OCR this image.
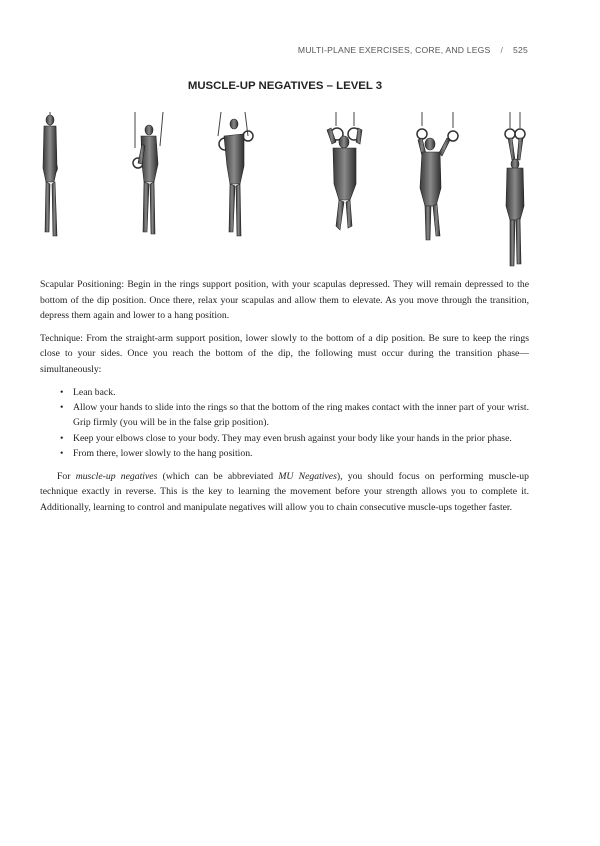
MULTI-PLANE EXERCISES, CORE, AND LEGS / 525
MUSCLE-UP NEGATIVES – LEVEL 3

Scapular Positioning: Begin in the rings support position, with your scapulas depressed. They will remain depressed to the bottom of the dip position. Once there, relax your scapulas and allow them to elevate. As you move through the transition, depress them again and lower to a hang position.

Technique: From the straight-arm support position, lower slowly to the bottom of a dip position. Be sure to keep the rings close to your sides. Once you reach the bottom of the dip, the following must occur during the transition phase—simultaneously:

• Lean back.
• Allow your hands to slide into the rings so that the bottom of the ring makes contact with the inner part of your wrist. Grip firmly (you will be in the false grip position).
• Keep your elbows close to your body. They may even brush against your body like your hands in the prior phase.
• From there, lower slowly to the hang position.

For muscle-up negatives (which can be abbreviated MU Negatives), you should focus on performing muscle-up technique exactly in reverse. This is the key to learning the movement before your strength allows you to complete it. Additionally, learning to control and manipulate negatives will allow you to chain consecutive muscle-ups together faster.
